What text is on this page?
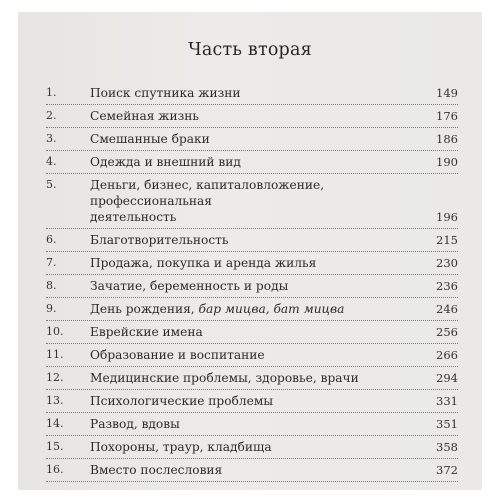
Часть вторая
1.	Поиск спутника жизни	149
2.	Семейная жизнь	176
3.	Смешанные браки	186
4.	Одежда и внешний вид	190
5.	Деньги, бизнес, капиталовложение, профессиональная
деятельность	196
6.	Благотворительность	215
7.	Продажа, покупка и аренда жилья	230
8.	Зачатие, беременность и роды	236
9.	День рождения, бар мицва, бат мицва	246
10.	Еврейские имена	256
11.	Образование и воспитание	266
12.	Медицинские проблемы, здоровье, врачи	294
13.	Психологические проблемы	331
14.	Развод, вдовы	351
15.	Похороны, траур, кладбища	358
16.	Вместо послесловия	372
